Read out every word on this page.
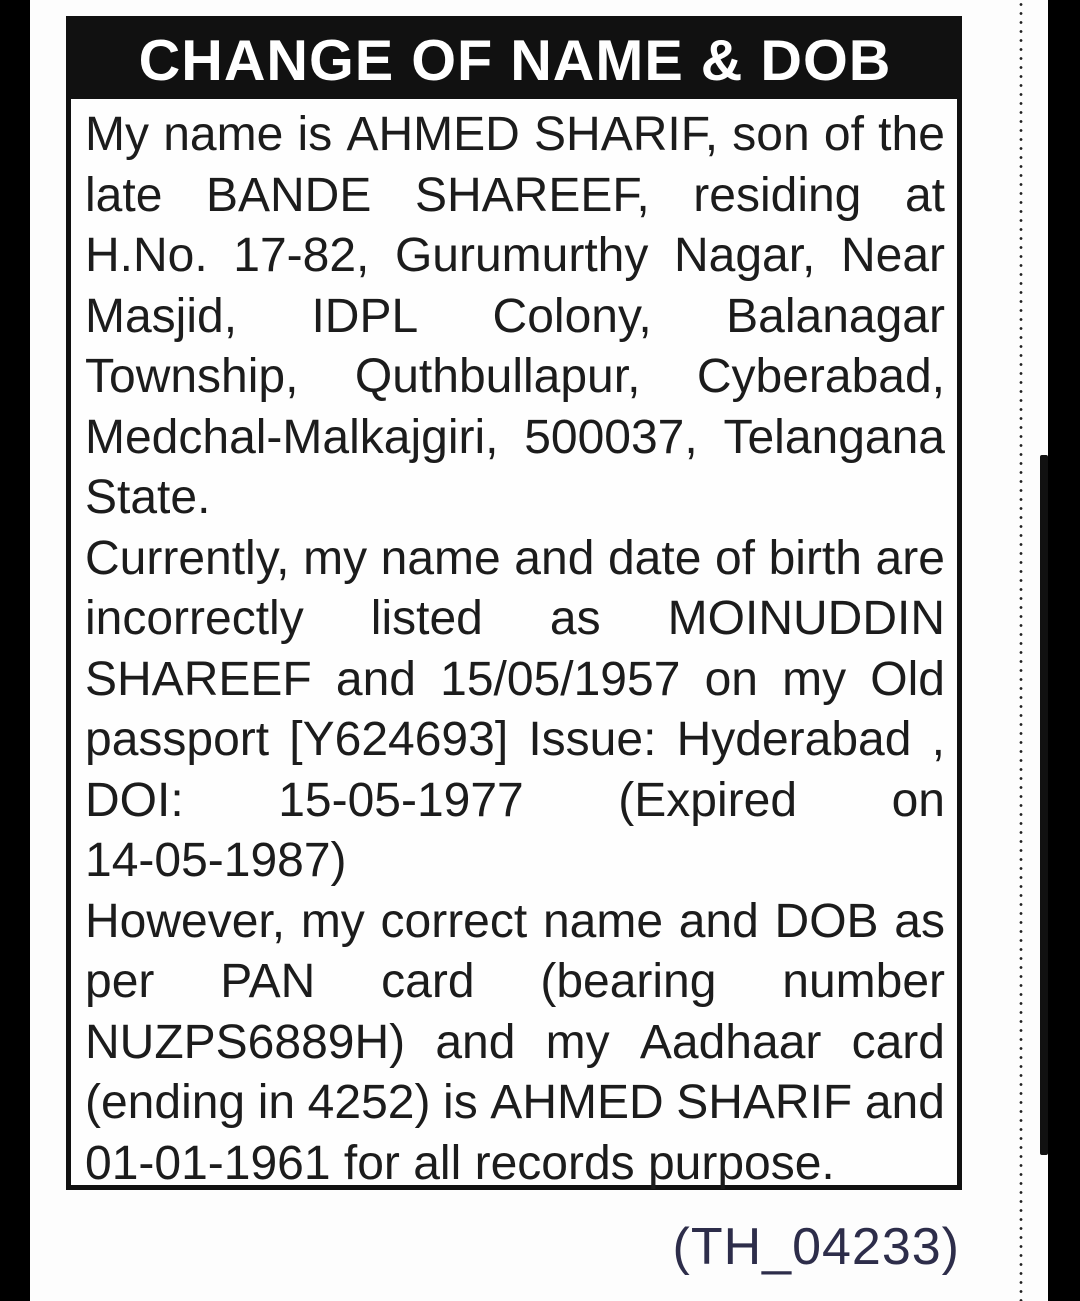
CHANGE OF NAME & DOB
My name is AHMED SHARIF, son of the
late BANDE SHAREEF, residing at
H.No. 17-82, Gurumurthy Nagar, Near
Masjid, IDPL Colony, Balanagar
Township, Quthbullapur, Cyberabad,
Medchal-Malkajgiri, 500037, Telangana
State.
Currently, my name and date of birth are
incorrectly listed as MOINUDDIN
SHAREEF and 15/05/1957 on my Old
passport [Y624693] Issue: Hyderabad ,
DOI: 15-05-1977 (Expired on
14-05-1987)
However, my correct name and DOB as
per PAN card (bearing number
NUZPS6889H) and my Aadhaar card
(ending in 4252) is AHMED SHARIF and
01-01-1961 for all records purpose.
(TH_04233)
